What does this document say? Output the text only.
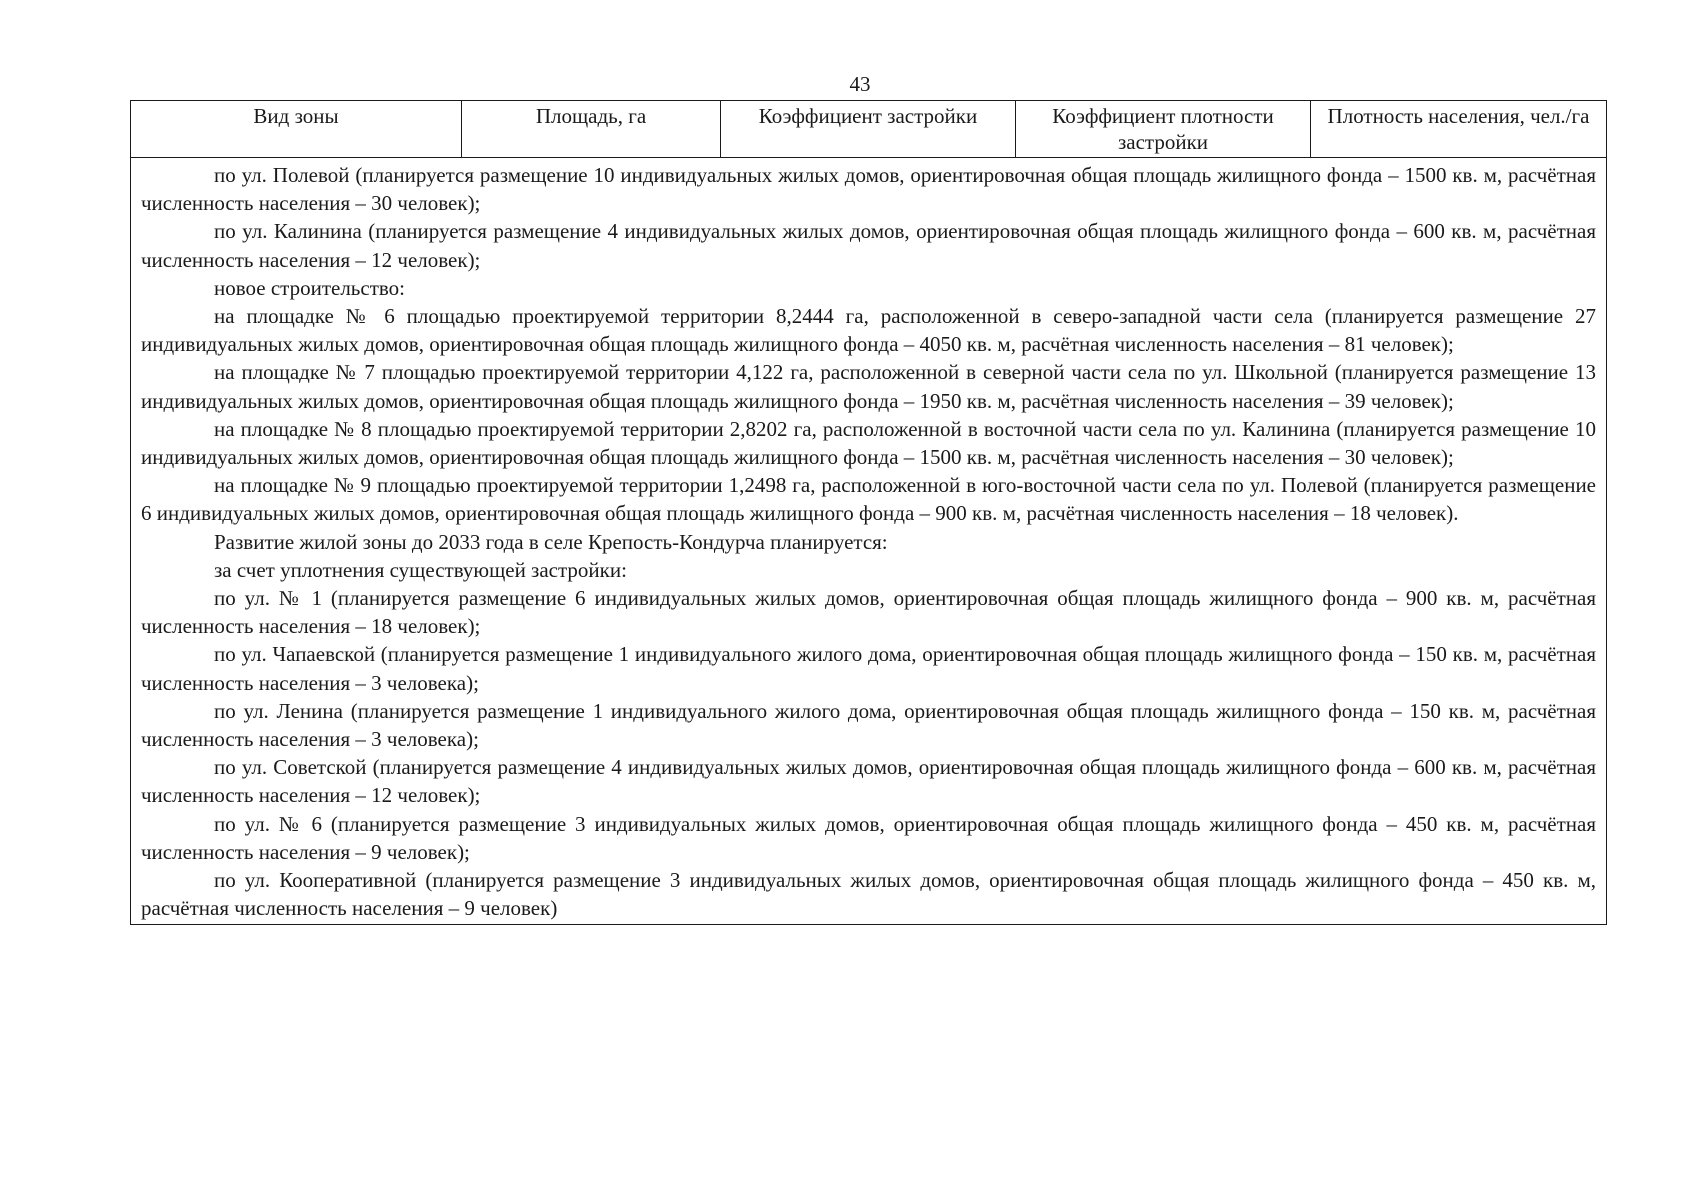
43
Вид зоны	Площадь, га	Коэффициент застройки	Коэффициент плотности застройки	Плотность населения, чел./га

по ул. Полевой (планируется размещение 10 индивидуальных жилых домов, ориентировочная общая площадь жилищного фонда – 1500 кв. м, расчётная численность населения – 30 человек);

по ул. Калинина (планируется размещение 4 индивидуальных жилых домов, ориентировочная общая площадь жилищного фонда – 600 кв. м, расчётная численность населения – 12 человек);

новое строительство:

на площадке № 6 площадью проектируемой территории 8,2444 га, расположенной в северо-западной части села (планируется размещение 27 индивидуальных жилых домов, ориентировочная общая площадь жилищного фонда – 4050 кв. м, расчётная численность населения – 81 человек);

на площадке № 7 площадью проектируемой территории 4,122 га, расположенной в северной части села по ул. Школьной (планируется размещение 13 индивидуальных жилых домов, ориентировочная общая площадь жилищного фонда – 1950 кв. м, расчётная численность населения – 39 человек);

на площадке № 8 площадью проектируемой территории 2,8202 га, расположенной в восточной части села по ул. Калинина (планируется размещение 10 индивидуальных жилых домов, ориентировочная общая площадь жилищного фонда – 1500 кв. м, расчётная численность населения – 30 человек);

на площадке № 9 площадью проектируемой территории 1,2498 га, расположенной в юго-восточной части села по ул. Полевой (планируется размещение 6 индивидуальных жилых домов, ориентировочная общая площадь жилищного фонда – 900 кв. м, расчётная численность населения – 18 человек).

Развитие жилой зоны до 2033 года в селе Крепость-Кондурча планируется:

за счет уплотнения существующей застройки:

по ул. № 1 (планируется размещение 6 индивидуальных жилых домов, ориентировочная общая площадь жилищного фонда – 900 кв. м, расчётная численность населения – 18 человек);

по ул. Чапаевской (планируется размещение 1 индивидуального жилого дома, ориентировочная общая площадь жилищного фонда – 150 кв. м, расчётная численность населения – 3 человека);

по ул. Ленина (планируется размещение 1 индивидуального жилого дома, ориентировочная общая площадь жилищного фонда – 150 кв. м, расчётная численность населения – 3 человека);

по ул. Советской (планируется размещение 4 индивидуальных жилых домов, ориентировочная общая площадь жилищного фонда – 600 кв. м, расчётная численность населения – 12 человек);

по ул. № 6 (планируется размещение 3 индивидуальных жилых домов, ориентировочная общая площадь жилищного фонда – 450 кв. м, расчётная численность населения – 9 человек);

по ул. Кооперативной (планируется размещение 3 индивидуальных жилых домов, ориентировочная общая площадь жилищного фонда – 450 кв. м, расчётная численность населения – 9 человек)
